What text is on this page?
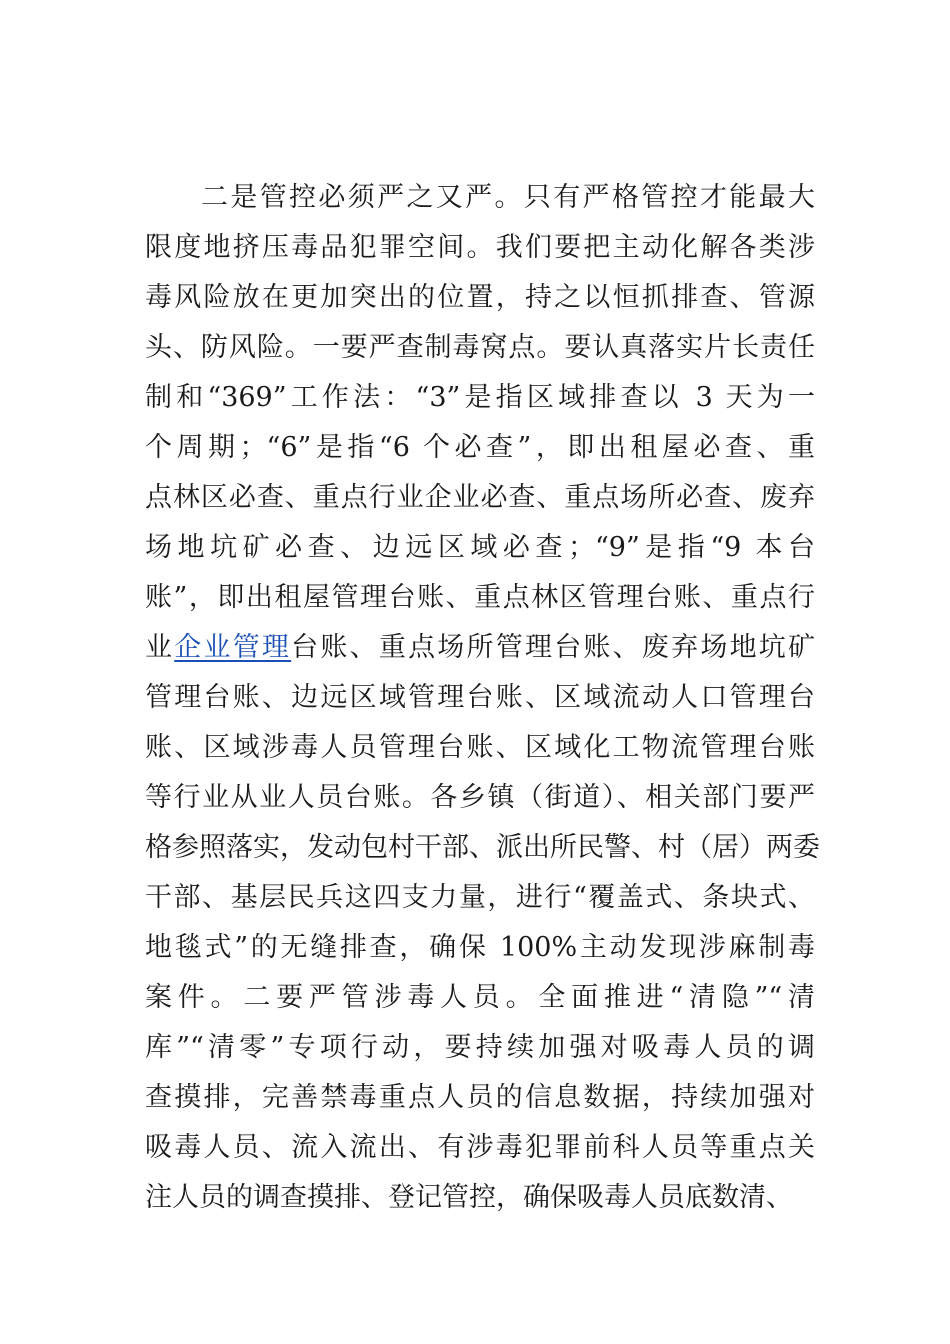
二是管控必须严之又严。只有严格管控才能最大
限度地挤压毒品犯罪空间。我们要把主动化解各类涉
毒风险放在更加突出的位置，持之以恒抓排查、管源
头、防风险。一要严查制毒窝点。要认真落实片长责任
制和“369”工作法：“3”是指区域排查以 3 天为一
个周期；“6”是指“6 个必查”，即出租屋必查、重
点林区必查、重点行业企业必查、重点场所必查、废弃
场地坑矿必查、边远区域必查；“9”是指“9 本台
账”，即出租屋管理台账、重点林区管理台账、重点行
业企业管理台账、重点场所管理台账、废弃场地坑矿
管理台账、边远区域管理台账、区域流动人口管理台
账、区域涉毒人员管理台账、区域化工物流管理台账
等行业从业人员台账。各乡镇（街道）、相关部门要严
格参照落实，发动包村干部、派出所民警、村（居）两委
干部、基层民兵这四支力量，进行“覆盖式、条块式、
地毯式”的无缝排查，确保 100%主动发现涉麻制毒
案件。二要严管涉毒人员。全面推进“清隐”“清
库”“清零”专项行动，要持续加强对吸毒人员的调
查摸排，完善禁毒重点人员的信息数据，持续加强对
吸毒人员、流入流出、有涉毒犯罪前科人员等重点关
注人员的调查摸排、登记管控，确保吸毒人员底数清、
